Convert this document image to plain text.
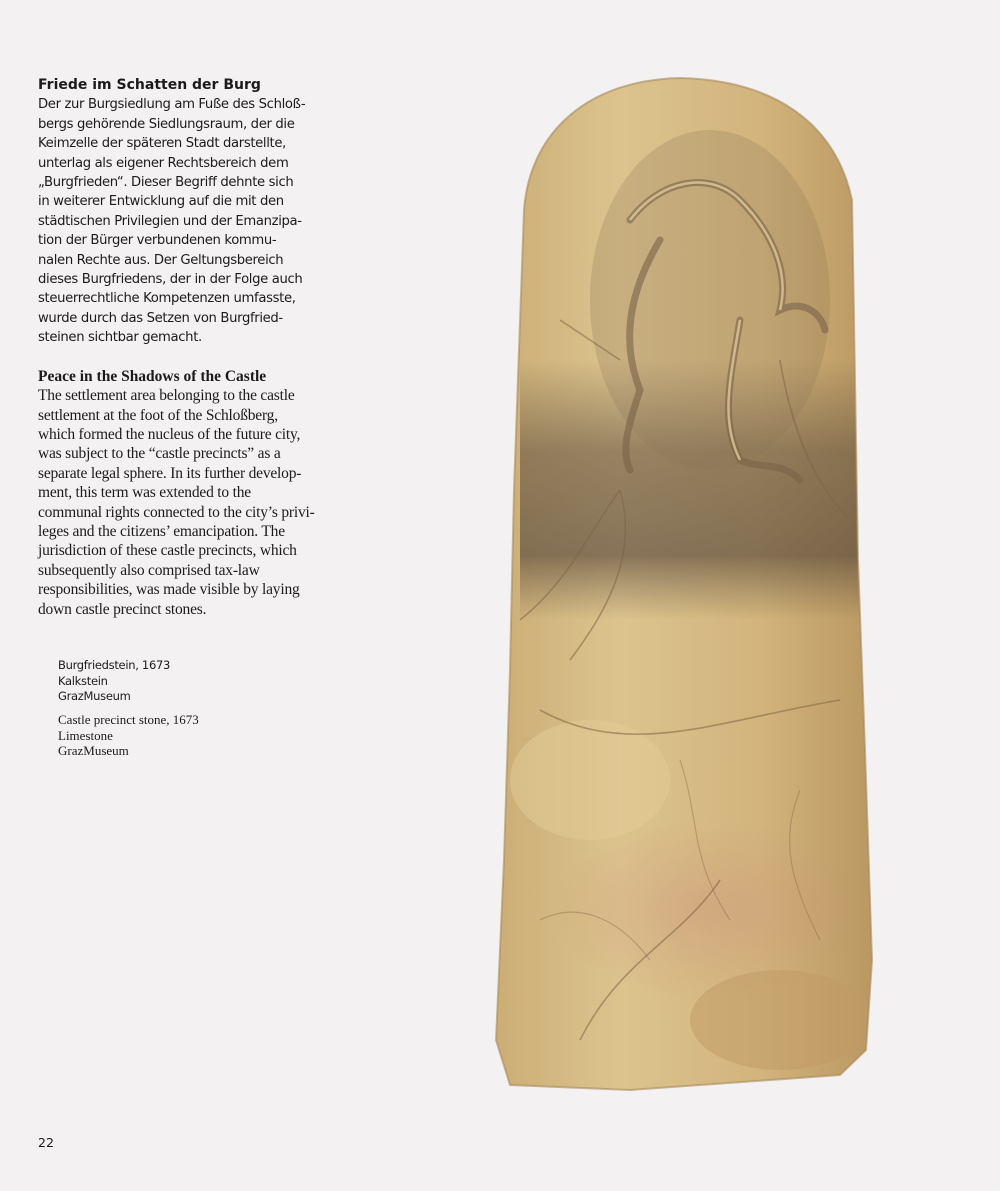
Friede im Schatten der Burg
Der zur Burgsiedlung am Fuße des Schloß-
bergs gehörende Siedlungsraum, der die
Keimzelle der späteren Stadt darstellte,
unterlag als eigener Rechtsbereich dem
„Burgfrieden“. Dieser Begriff dehnte sich
in weiterer Entwicklung auf die mit den
städtischen Privilegien und der Emanzipa-
tion der Bürger verbundenen kommu-
nalen Rechte aus. Der Geltungsbereich
dieses Burgfriedens, der in der Folge auch
steuerrechtliche Kompetenzen umfasste,
wurde durch das Setzen von Burgfried-
steinen sichtbar gemacht.
Peace in the Shadows of the Castle
The settlement area belonging to the castle
settlement at the foot of the Schloßberg,
which formed the nucleus of the future city,
was subject to the “castle precincts” as a
separate legal sphere. In its further develop-
ment, this term was extended to the
communal rights connected to the city’s privi-
leges and the citizens’ emancipation. The
jurisdiction of these castle precincts, which
subsequently also comprised tax-law
responsibilities, was made visible by laying
down castle precinct stones.
Burgfriedstein, 1673
Kalkstein
GrazMuseum
Castle precinct stone, 1673
Limestone
GrazMuseum
22
